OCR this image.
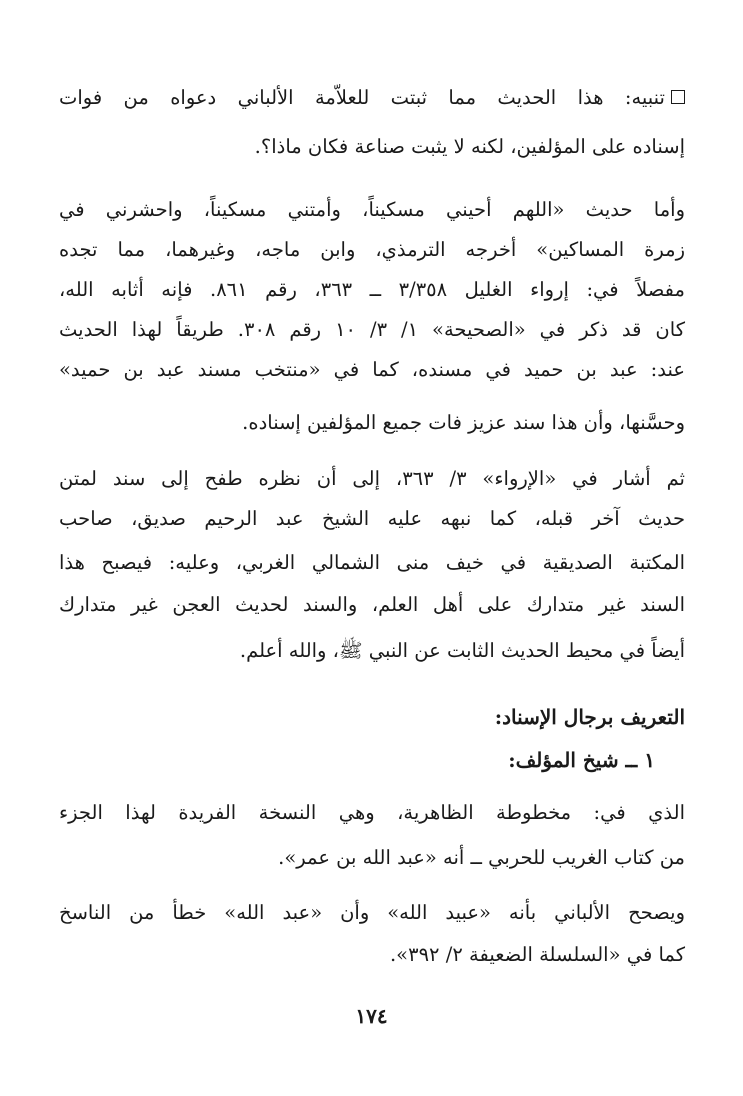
تنبيه: هذا الحديث مما ثبتت للعلاّمة الألباني دعواه من فوات

إسناده على المؤلفين، لكنه لا يثبت صناعة فكان ماذا؟.

وأما حديث «اللهم أحيني مسكيناً، وأمتني مسكيناً، واحشرني في

زمرة المساكين» أخرجه الترمذي، وابن ماجه، وغيرهما، مما تجده

مفصلاً في: إرواء الغليل ٣/٣٥٨ ــ ٣٦٣، رقم ٨٦١. فإنه أثابه الله،

كان قد ذكر في «الصحيحة» ١/ ٣/ ١٠ رقم ٣٠٨. طريقاً لهذا الحديث

عند: عبد بن حميد في مسنده، كما في «منتخب مسند عبد بن حميد»

وحسَّنها، وأن هذا سند عزيز فات جميع المؤلفين إسناده.

ثم أشار في «الإرواء» ٣/ ٣٦٣، إلى أن نظره طفح إلى سند لمتن

حديث آخر قبله، كما نبهه عليه الشيخ عبد الرحيم صديق، صاحب

المكتبة الصديقية في خيف منى الشمالي الغربي، وعليه: فيصبح هذا

السند غير متدارك على أهل العلم، والسند لحديث العجن غير متدارك

أيضاً في محيط الحديث الثابت عن النبي ﷺ، والله أعلم.

التعريف برجال الإسناد:

١ ــ شيخ المؤلف:

الذي في: مخطوطة الظاهرية، وهي النسخة الفريدة لهذا الجزء

من كتاب الغريب للحربي ــ أنه «عبد الله بن عمر».

ويصحح الألباني بأنه «عبيد الله» وأن «عبد الله» خطأ من الناسخ

كما في «السلسلة الضعيفة ٢/ ٣٩٢».

١٧٤
